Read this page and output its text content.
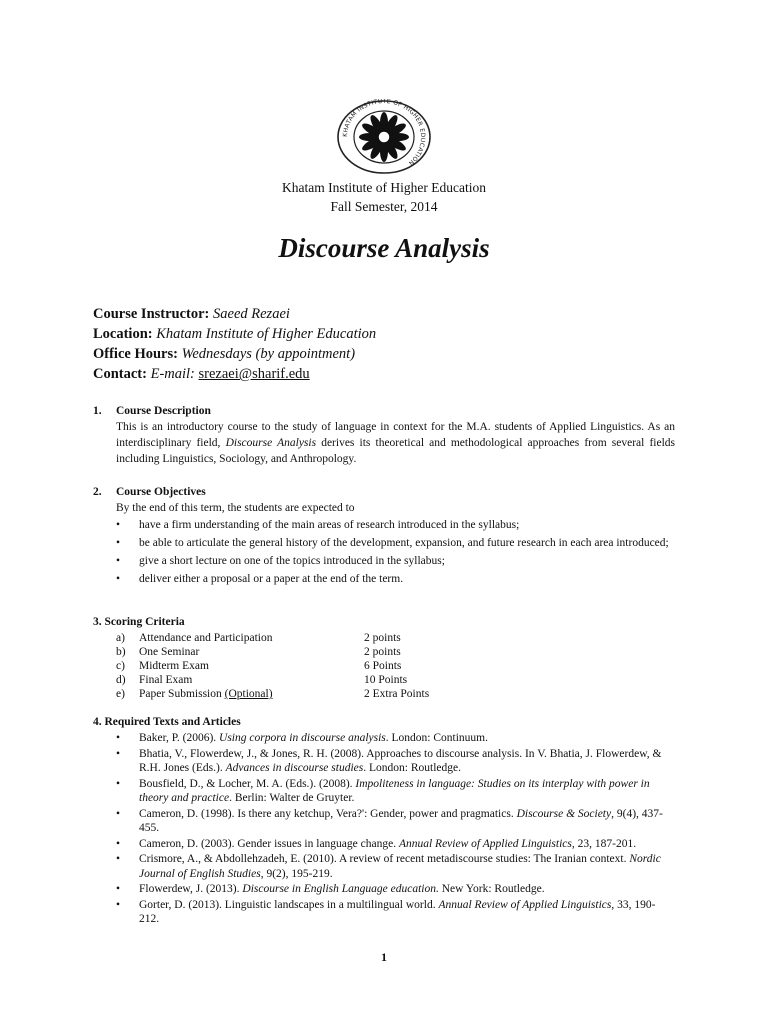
KHATAM INSTITUTE OF HIGHER EDUCATION
Khatam Institute of Higher Education
Fall Semester, 2014
Discourse Analysis
Course Instructor: Saeed Rezaei
Location: Khatam Institute of Higher Education
Office Hours: Wednesdays (by appointment)
Contact: E-mail: srezaei@sharif.edu
1. Course Description
This is an introductory course to the study of language in context for the M.A. students of Applied Linguistics. As an interdisciplinary field, Discourse Analysis derives its theoretical and methodological approaches from several fields including Linguistics, Sociology, and Anthropology.
2. Course Objectives
By the end of this term, the students are expected to
• have a firm understanding of the main areas of research introduced in the syllabus;
• be able to articulate the general history of the development, expansion, and future research in each area introduced;
• give a short lecture on one of the topics introduced in the syllabus;
• deliver either a proposal or a paper at the end of the term.
3. Scoring Criteria
a) Attendance and Participation	2 points
b) One Seminar	2 points
c) Midterm Exam	6 Points
d) Final Exam	10 Points
e) Paper Submission (Optional)	2 Extra Points
4. Required Texts and Articles
• Baker, P. (2006). Using corpora in discourse analysis. London: Continuum.
• Bhatia, V., Flowerdew, J., & Jones, R. H. (2008). Approaches to discourse analysis. In V. Bhatia, J. Flowerdew, & R.H. Jones (Eds.). Advances in discourse studies. London: Routledge.
• Bousfield, D., & Locher, M. A. (Eds.). (2008). Impoliteness in language: Studies on its interplay with power in theory and practice. Berlin: Walter de Gruyter.
• Cameron, D. (1998). Is there any ketchup, Vera?': Gender, power and pragmatics. Discourse & Society, 9(4), 437-455.
• Cameron, D. (2003). Gender issues in language change. Annual Review of Applied Linguistics, 23, 187-201.
• Crismore, A., & Abdollehzadeh, E. (2010). A review of recent metadiscourse studies: The Iranian context. Nordic Journal of English Studies, 9(2), 195-219.
• Flowerdew, J. (2013). Discourse in English Language education. New York: Routledge.
• Gorter, D. (2013). Linguistic landscapes in a multilingual world. Annual Review of Applied Linguistics, 33, 190-212.
1
